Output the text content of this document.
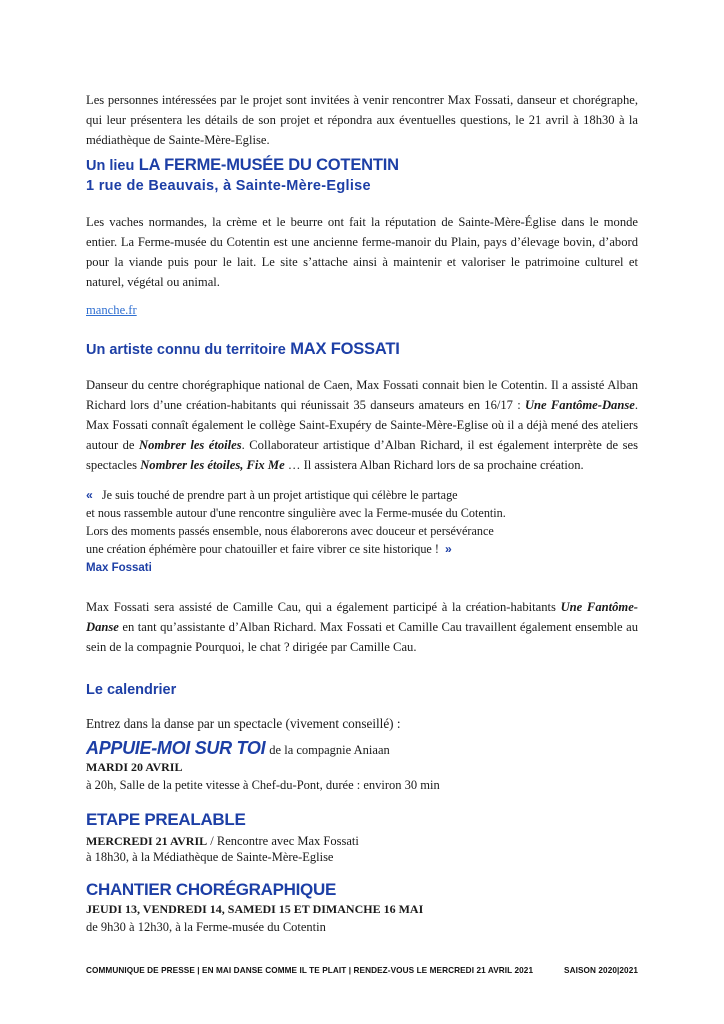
Les personnes intéressées par le projet sont invitées à venir rencontrer Max Fossati, danseur et chorégraphe, qui leur présentera les détails de son projet et répondra aux éventuelles questions, le 21 avril à 18h30 à la médiathèque de Sainte-Mère-Eglise.

Un lieu LA FERME-MUSÉE DU COTENTIN
1 rue de Beauvais, à Sainte-Mère-Eglise

Les vaches normandes, la crème et le beurre ont fait la réputation de Sainte-Mère-Église dans le monde entier. La Ferme-musée du Cotentin est une ancienne ferme-manoir du Plain, pays d’élevage bovin, d’abord pour la viande puis pour le lait. Le site s’attache ainsi à maintenir et valoriser le patrimoine culturel et naturel, végétal ou animal.

manche.fr
Un artiste connu du territoire MAX FOSSATI

Danseur du centre chorégraphique national de Caen, Max Fossati connait bien le Cotentin. Il a assisté Alban Richard lors d’une création-habitants qui réunissait 35 danseurs amateurs en 16/17 : Une Fantôme-Danse. Max Fossati connaît également le collège Saint-Exupéry de Sainte-Mère-Eglise où il a déjà mené des ateliers autour de Nombrer les étoiles. Collaborateur artistique d’Alban Richard, il est également interprète de ses spectacles Nombrer les étoiles, Fix Me … Il assistera Alban Richard lors de sa prochaine création.

« Je suis touché de prendre part à un projet artistique qui célèbre le partage
et nous rassemble autour d'une rencontre singulière avec la Ferme-musée du Cotentin.
Lors des moments passés ensemble, nous élaborerons avec douceur et persévérance
une création éphémère pour chatouiller et faire vibrer ce site historique ! »
Max Fossati

Max Fossati sera assisté de Camille Cau, qui a également participé à la création-habitants Une Fantôme-Danse en tant qu’assistante d’Alban Richard. Max Fossati et Camille Cau travaillent également ensemble au sein de la compagnie Pourquoi, le chat ? dirigée par Camille Cau.

Le calendrier
Entrez dans la danse par un spectacle (vivement conseillé) :
APPUIE-MOI SUR TOI de la compagnie Aniaan
MARDI 20 AVRIL
à 20h, Salle de la petite vitesse à Chef-du-Pont, durée : environ 30 min
ETAPE PREALABLE
MERCREDI 21 AVRIL / Rencontre avec Max Fossati
à 18h30, à la Médiathèque de Sainte-Mère-Eglise
CHANTIER CHORÉGRAPHIQUE
JEUDI 13, VENDREDI 14, SAMEDI 15 ET DIMANCHE 16 MAI
de 9h30 à 12h30, à la Ferme-musée du Cotentin
COMMUNIQUE DE PRESSE | EN MAI DANSE COMME IL TE PLAIT | RENDEZ-VOUS LE MERCREDI 21 AVRIL 2021	SAISON 2020|2021
